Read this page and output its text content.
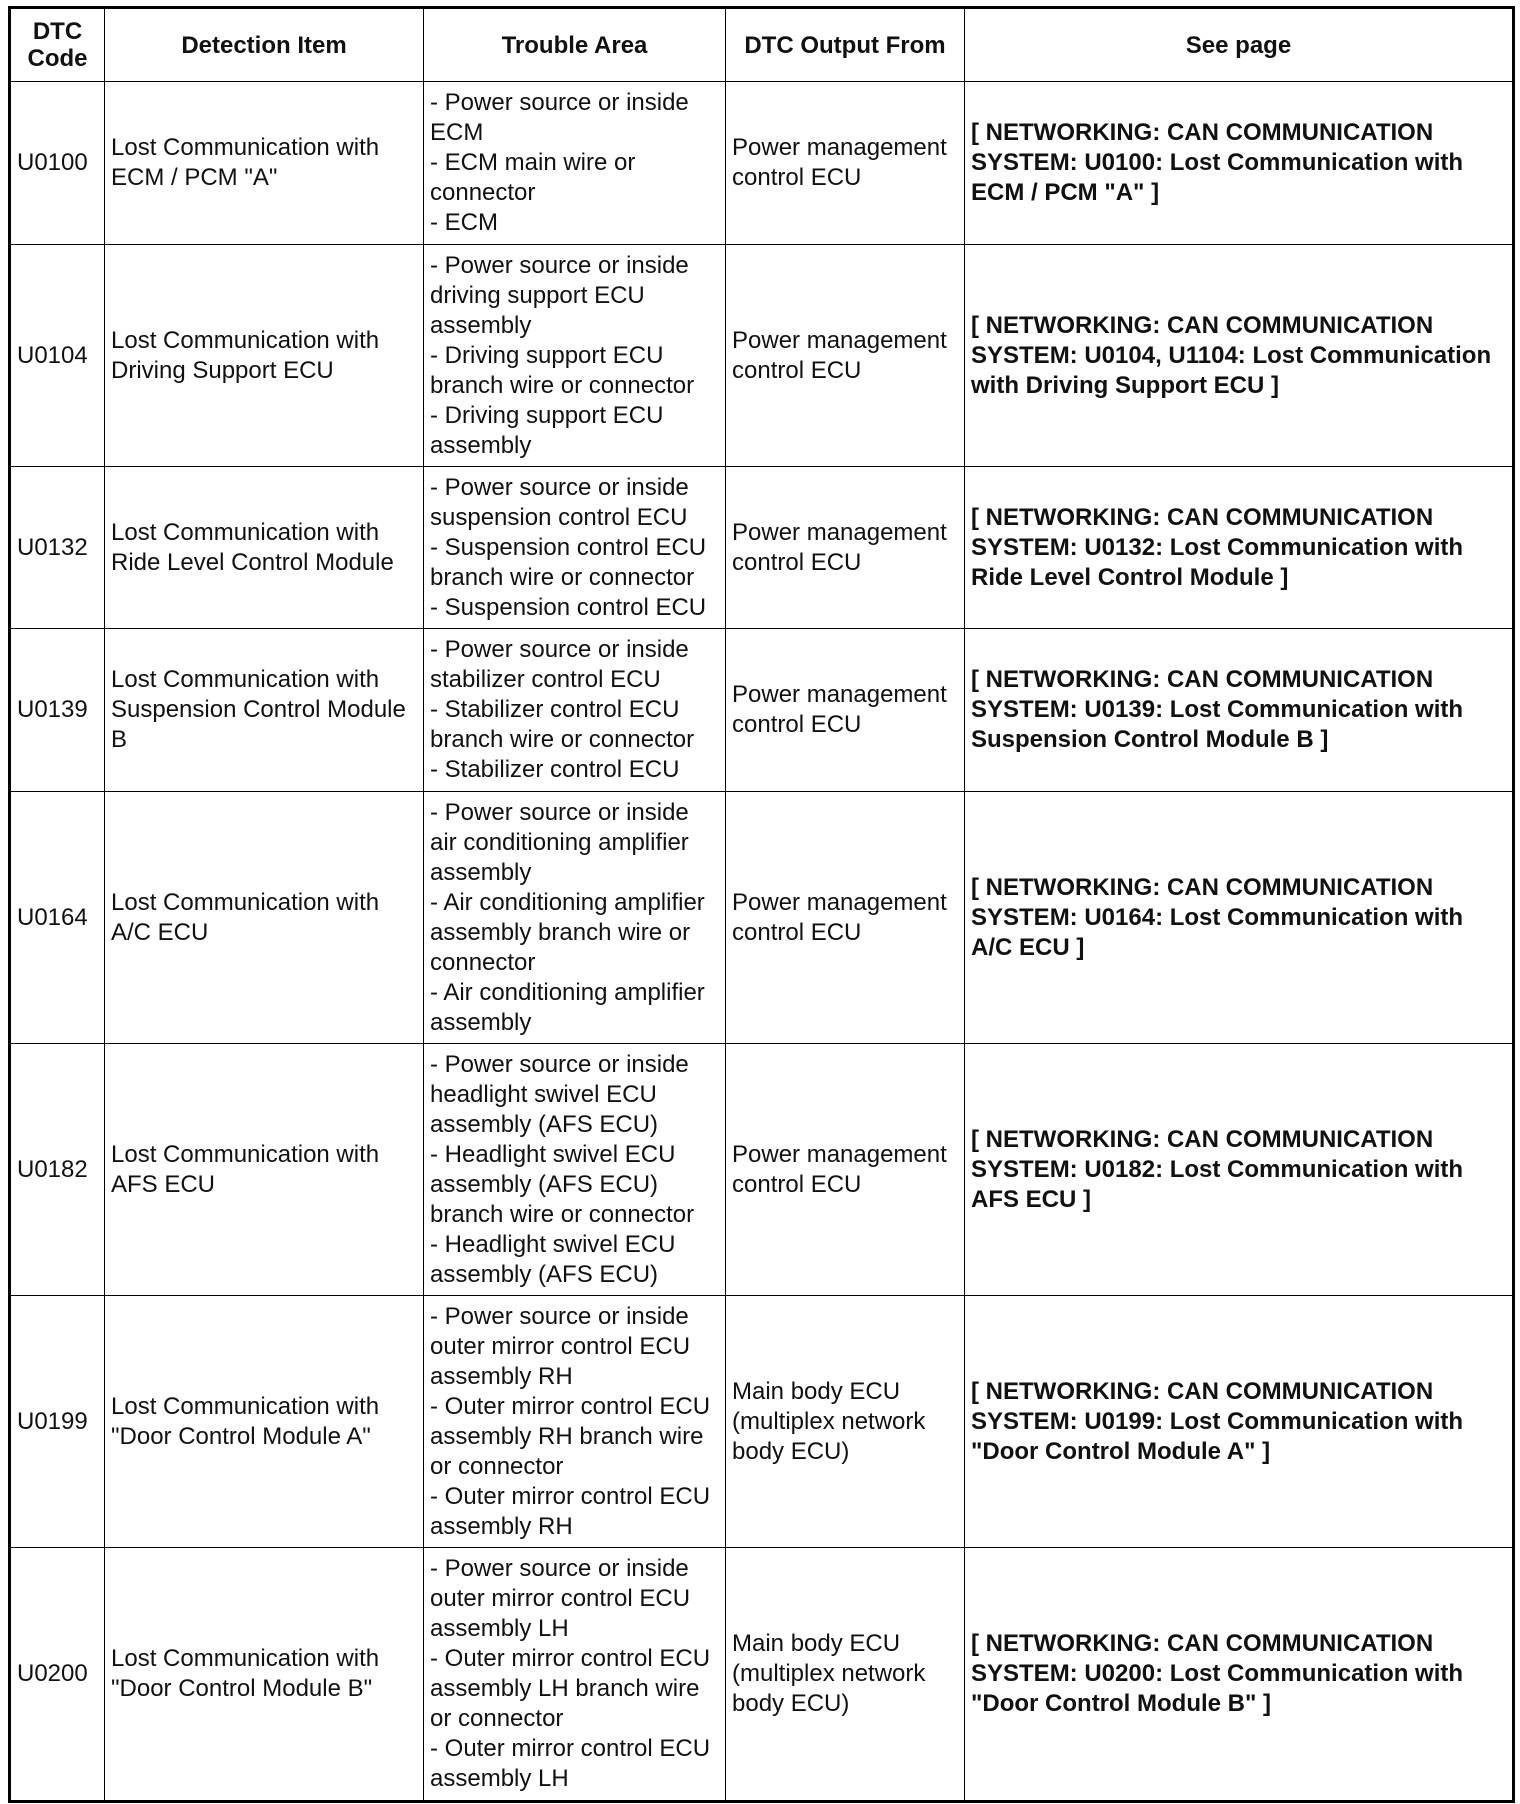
DTC Code	Detection Item	Trouble Area	DTC Output From	See page
U0100	Lost Communication with ECM / PCM "A"	- Power source or inside ECM
- ECM main wire or connector
- ECM	Power management control ECU	[ NETWORKING: CAN COMMUNICATION SYSTEM: U0100: Lost Communication with ECM / PCM "A" ]
U0104	Lost Communication with Driving Support ECU	- Power source or inside driving support ECU assembly
- Driving support ECU branch wire or connector
- Driving support ECU assembly	Power management control ECU	[ NETWORKING: CAN COMMUNICATION SYSTEM: U0104, U1104: Lost Communication with Driving Support ECU ]
U0132	Lost Communication with Ride Level Control Module	- Power source or inside suspension control ECU
- Suspension control ECU branch wire or connector
- Suspension control ECU	Power management control ECU	[ NETWORKING: CAN COMMUNICATION SYSTEM: U0132: Lost Communication with Ride Level Control Module ]
U0139	Lost Communication with Suspension Control Module B	- Power source or inside stabilizer control ECU
- Stabilizer control ECU branch wire or connector
- Stabilizer control ECU	Power management control ECU	[ NETWORKING: CAN COMMUNICATION SYSTEM: U0139: Lost Communication with Suspension Control Module B ]
U0164	Lost Communication with A/C ECU	- Power source or inside air conditioning amplifier assembly
- Air conditioning amplifier assembly branch wire or connector
- Air conditioning amplifier assembly	Power management control ECU	[ NETWORKING: CAN COMMUNICATION SYSTEM: U0164: Lost Communication with A/C ECU ]
U0182	Lost Communication with AFS ECU	- Power source or inside headlight swivel ECU assembly (AFS ECU)
- Headlight swivel ECU assembly (AFS ECU) branch wire or connector
- Headlight swivel ECU assembly (AFS ECU)	Power management control ECU	[ NETWORKING: CAN COMMUNICATION SYSTEM: U0182: Lost Communication with AFS ECU ]
U0199	Lost Communication with "Door Control Module A"	- Power source or inside outer mirror control ECU assembly RH
- Outer mirror control ECU assembly RH branch wire or connector
- Outer mirror control ECU assembly RH	Main body ECU (multiplex network body ECU)	[ NETWORKING: CAN COMMUNICATION SYSTEM: U0199: Lost Communication with "Door Control Module A" ]
U0200	Lost Communication with "Door Control Module B"	- Power source or inside outer mirror control ECU assembly LH
- Outer mirror control ECU assembly LH branch wire or connector
- Outer mirror control ECU assembly LH	Main body ECU (multiplex network body ECU)	[ NETWORKING: CAN COMMUNICATION SYSTEM: U0200: Lost Communication with "Door Control Module B" ]
